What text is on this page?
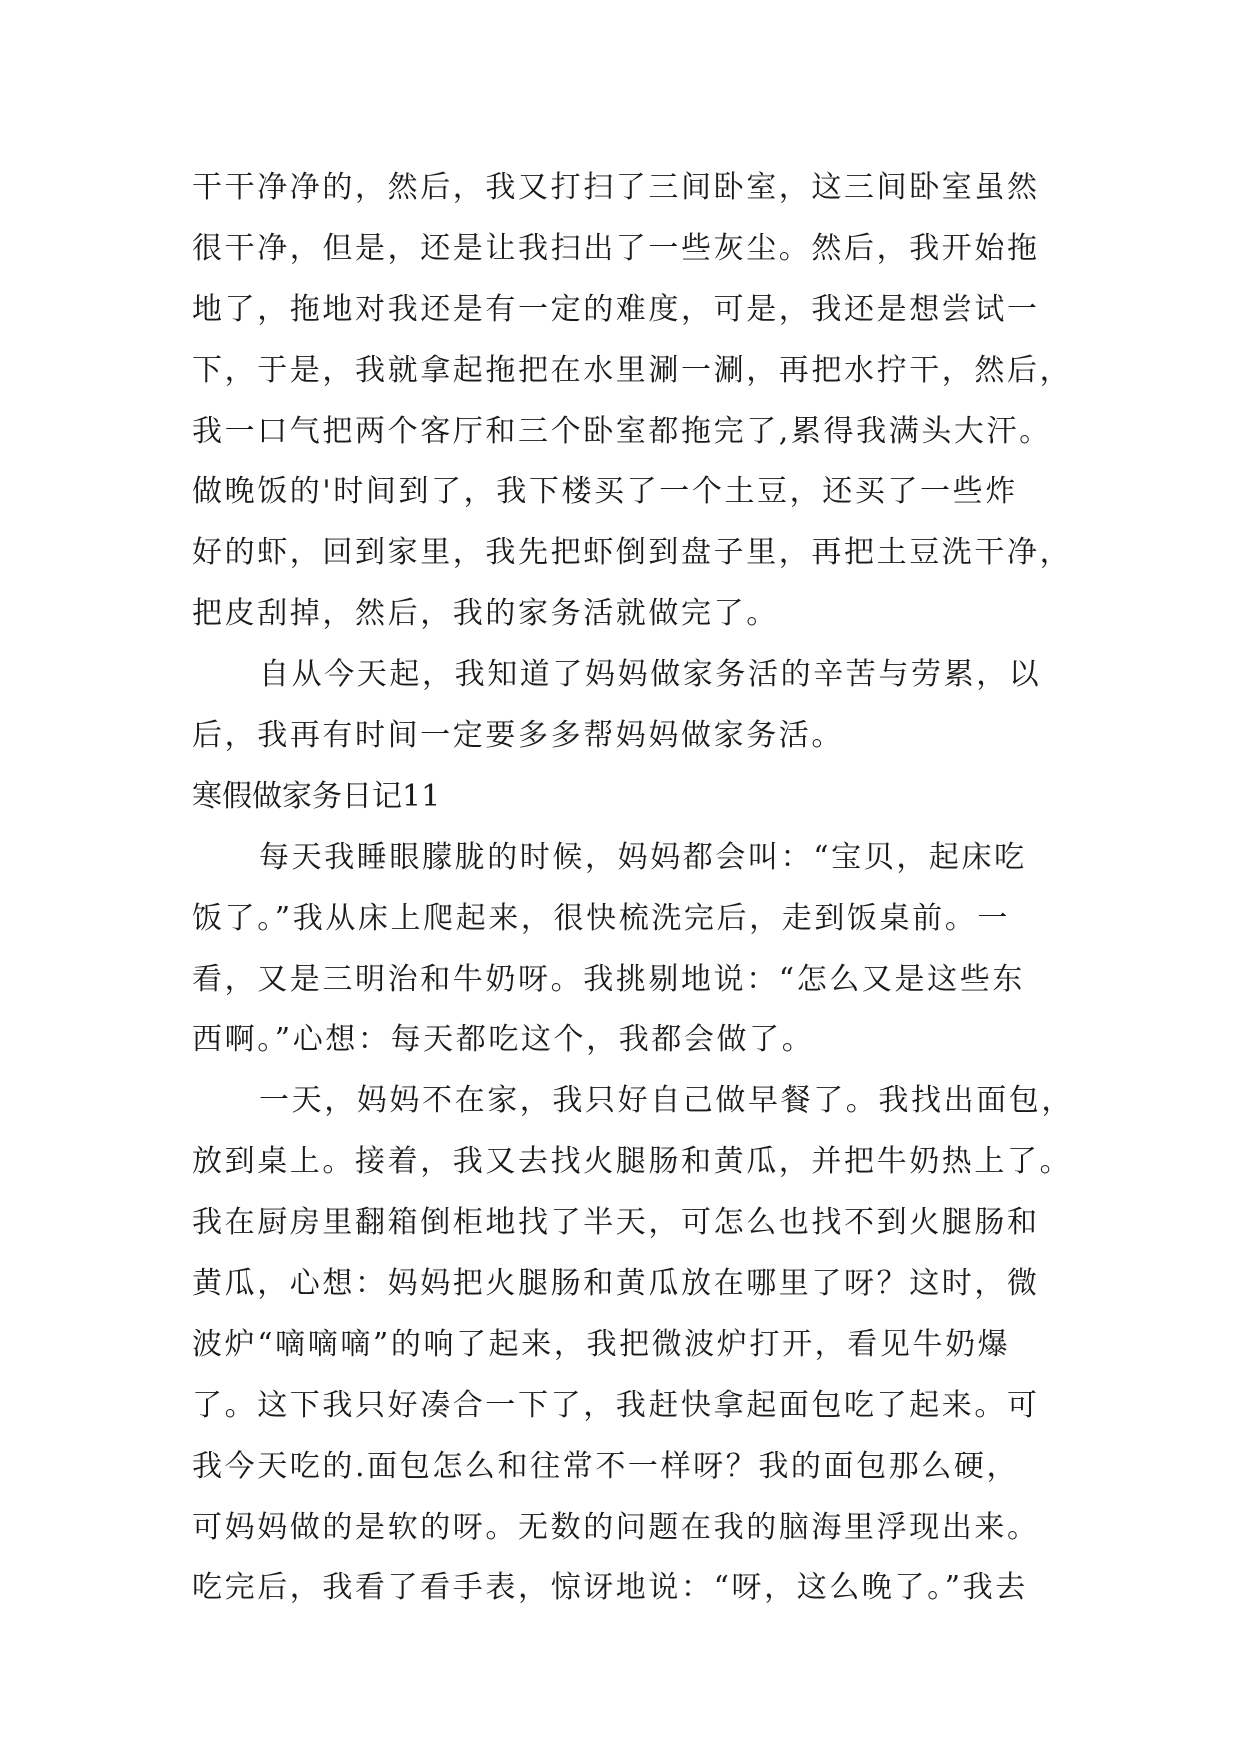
干干净净的，然后，我又打扫了三间卧室，这三间卧室虽然
很干净，但是，还是让我扫出了一些灰尘。然后，我开始拖
地了，拖地对我还是有一定的难度，可是，我还是想尝试一
下，于是，我就拿起拖把在水里涮一涮，再把水拧干，然后，
我一口气把两个客厅和三个卧室都拖完了,累得我满头大汗。
做晚饭的'时间到了，我下楼买了一个土豆，还买了一些炸
好的虾，回到家里，我先把虾倒到盘子里，再把土豆洗干净，
把皮刮掉，然后，我的家务活就做完了。
自从今天起，我知道了妈妈做家务活的辛苦与劳累，以
后，我再有时间一定要多多帮妈妈做家务活。
寒假做家务日记11
每天我睡眼朦胧的时候，妈妈都会叫：“宝贝，起床吃
饭了。”我从床上爬起来，很快梳洗完后，走到饭桌前。一
看，又是三明治和牛奶呀。我挑剔地说：“怎么又是这些东
西啊。”心想：每天都吃这个，我都会做了。
一天，妈妈不在家，我只好自己做早餐了。我找出面包，
放到桌上。接着，我又去找火腿肠和黄瓜，并把牛奶热上了。
我在厨房里翻箱倒柜地找了半天，可怎么也找不到火腿肠和
黄瓜，心想：妈妈把火腿肠和黄瓜放在哪里了呀？这时，微
波炉“嘀嘀嘀”的响了起来，我把微波炉打开，看见牛奶爆
了。这下我只好凑合一下了，我赶快拿起面包吃了起来。可
我今天吃的.面包怎么和往常不一样呀？我的面包那么硬，
可妈妈做的是软的呀。无数的问题在我的脑海里浮现出来。
吃完后，我看了看手表，惊讶地说：“呀，这么晚了。”我去
